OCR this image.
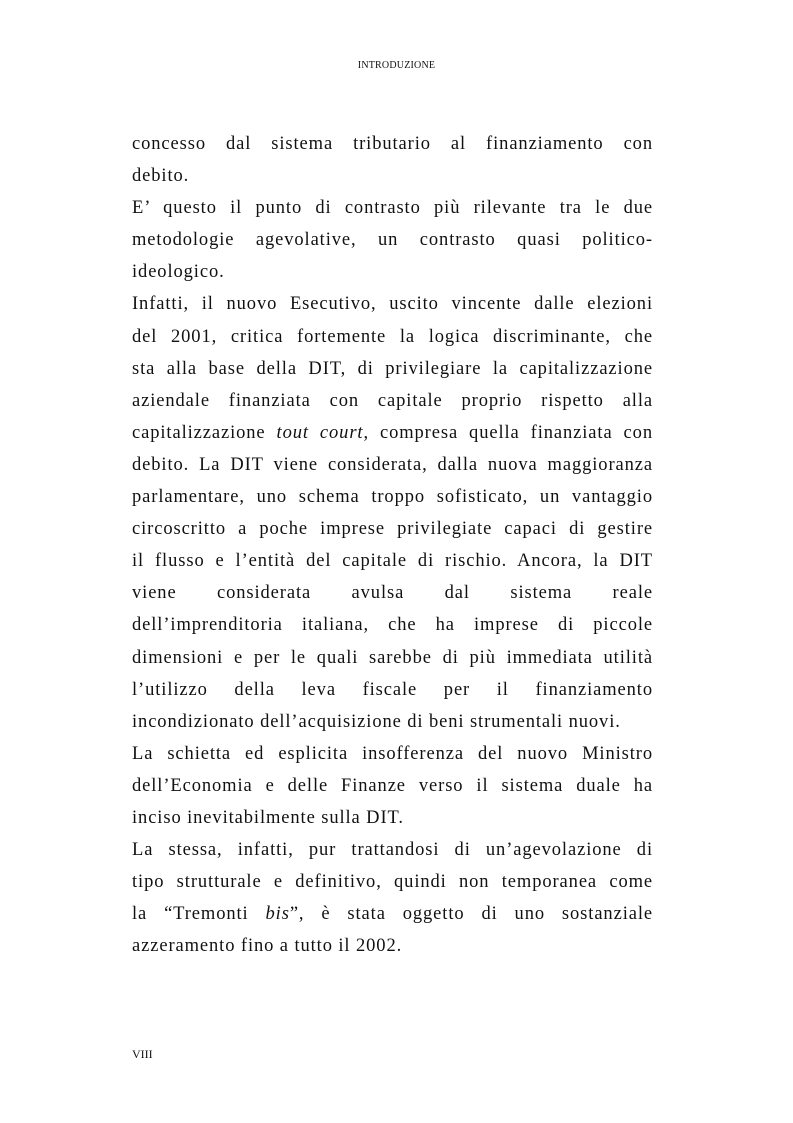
INTRODUZIONE

concesso dal sistema tributario al finanziamento con
debito.

E’ questo il punto di contrasto più rilevante tra le due
metodologie agevolative, un contrasto quasi politico-
ideologico.

Infatti, il nuovo Esecutivo, uscito vincente dalle elezioni
del 2001, critica fortemente la logica discriminante, che
sta alla base della DIT, di privilegiare la capitalizzazione
aziendale finanziata con capitale proprio rispetto alla
capitalizzazione tout court, compresa quella finanziata con
debito. La DIT viene considerata, dalla nuova maggioranza
parlamentare, uno schema troppo sofisticato, un vantaggio
circoscritto a poche imprese privilegiate capaci di gestire
il flusso e l’entità del capitale di rischio. Ancora, la DIT
viene considerata avulsa dal sistema reale
dell’imprenditoria italiana, che ha imprese di piccole
dimensioni e per le quali sarebbe di più immediata utilità
l’utilizzo della leva fiscale per il finanziamento
incondizionato dell’acquisizione di beni strumentali nuovi.

La schietta ed esplicita insofferenza del nuovo Ministro
dell’Economia e delle Finanze verso il sistema duale ha
inciso inevitabilmente sulla DIT.

La stessa, infatti, pur trattandosi di un’agevolazione di
tipo strutturale e definitivo, quindi non temporanea come
la “Tremonti bis”, è stata oggetto di uno sostanziale
azzeramento fino a tutto il 2002.

VIII
